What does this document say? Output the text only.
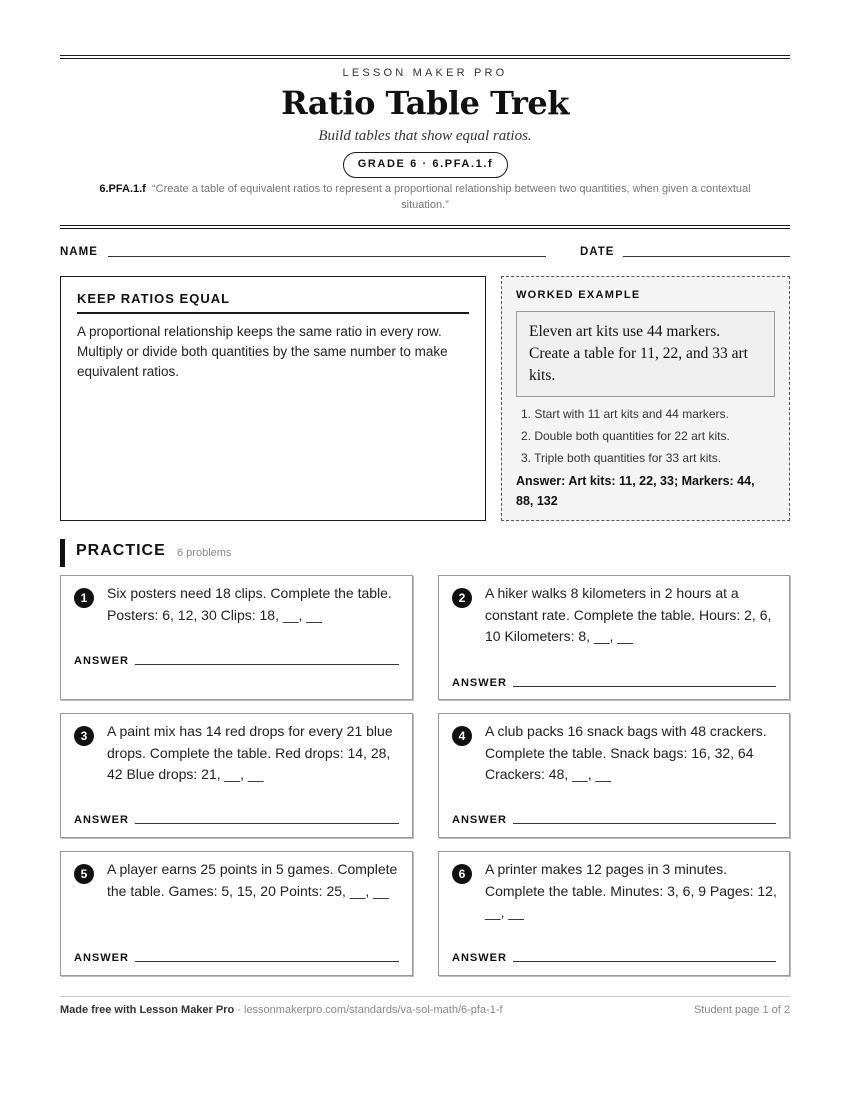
LESSON MAKER PRO
Ratio Table Trek
Build tables that show equal ratios.
GRADE 6 · 6.PFA.1.f
6.PFA.1.f “Create a table of equivalent ratios to represent a proportional relationship between two quantities, when given a contextual situation.”
NAME	DATE
KEEP RATIOS EQUAL
A proportional relationship keeps the same ratio in every row. Multiply or divide both quantities by the same number to make equivalent ratios.
WORKED EXAMPLE
Eleven art kits use 44 markers. Create a table for 11, 22, and 33 art kits.
1. Start with 11 art kits and 44 markers.
2. Double both quantities for 22 art kits.
3. Triple both quantities for 33 art kits.
Answer: Art kits: 11, 22, 33; Markers: 44, 88, 132
PRACTICE 6 problems
1	Six posters need 18 clips. Complete the table. Posters: 6, 12, 30 Clips: 18, __, __
ANSWER
2	A hiker walks 8 kilometers in 2 hours at a constant rate. Complete the table. Hours: 2, 6, 10 Kilometers: 8, __, __
ANSWER
3	A paint mix has 14 red drops for every 21 blue drops. Complete the table. Red drops: 14, 28, 42 Blue drops: 21, __, __
ANSWER
4	A club packs 16 snack bags with 48 crackers. Complete the table. Snack bags: 16, 32, 64 Crackers: 48, __, __
ANSWER
5	A player earns 25 points in 5 games. Complete the table. Games: 5, 15, 20 Points: 25, __, __
ANSWER
6	A printer makes 12 pages in 3 minutes. Complete the table. Minutes: 3, 6, 9 Pages: 12, __, __
ANSWER
Made free with Lesson Maker Pro · lessonmakerpro.com/standards/va-sol-math/6-pfa-1-f	Student page 1 of 2
